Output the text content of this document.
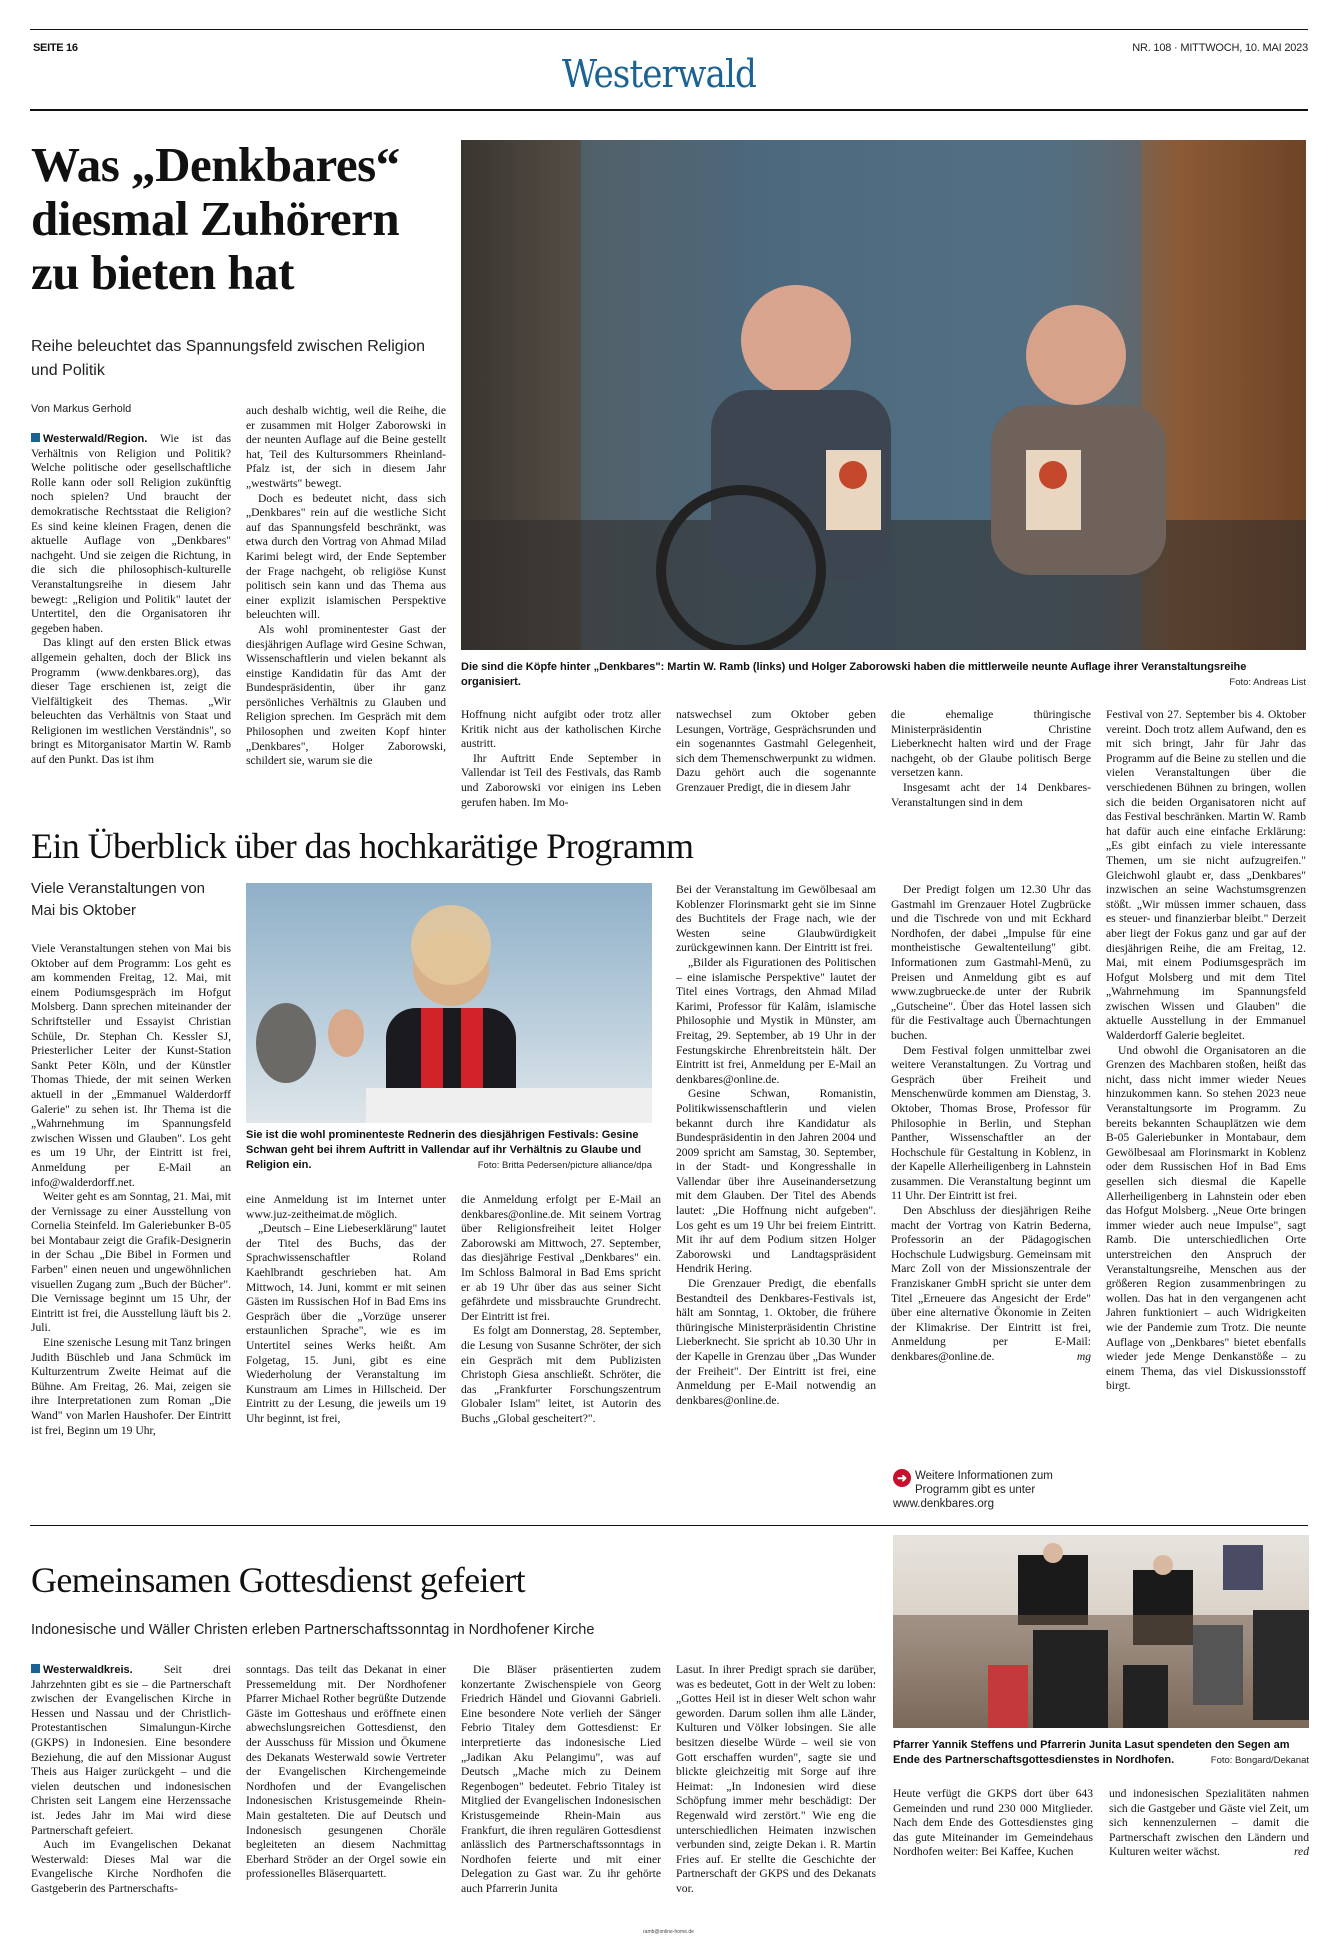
SEITE 16
Westerwald
NR. 108 · MITTWOCH, 10. MAI 2023
Was „Denkbares“
diesmal Zuhörern
zu bieten hat
Reihe beleuchtet das Spannungsfeld zwischen Religion und Politik
Von Markus Gerhold

Westerwald/Region. Wie ist das Verhältnis von Religion und Politik? Welche politische oder gesellschaftliche Rolle kann oder soll Religion zukünftig noch spielen? Und braucht der demokratische Rechtsstaat die Religion? Es sind keine kleinen Fragen, denen die aktuelle Auflage von „Denkbares" nachgeht. Und sie zeigen die Richtung, in die sich die philosophisch-kulturelle Veranstaltungsreihe in diesem Jahr bewegt: „Religion und Politik" lautet der Untertitel, den die Organisatoren ihr gegeben haben.

Das klingt auf den ersten Blick etwas allgemein gehalten, doch der Blick ins Programm (www.denkbares.org), das dieser Tage erschienen ist, zeigt die Vielfältigkeit des Themas. „Wir beleuchten das Verhältnis von Staat und Religionen im westlichen Verständnis", so bringt es Mitorganisator Martin W. Ramb auf den Punkt. Das ist ihm

auch deshalb wichtig, weil die Reihe, die er zusammen mit Holger Zaborowski in der neunten Auflage auf die Beine gestellt hat, Teil des Kultursommers Rheinland-Pfalz ist, der sich in diesem Jahr „westwärts" bewegt.

Doch es bedeutet nicht, dass sich „Denkbares" rein auf die westliche Sicht auf das Spannungsfeld beschränkt, was etwa durch den Vortrag von Ahmad Milad Karimi belegt wird, der Ende September der Frage nachgeht, ob religiöse Kunst politisch sein kann und das Thema aus einer explizit islamischen Perspektive beleuchten will.

Als wohl prominentester Gast der diesjährigen Auflage wird Gesine Schwan, Wissenschaftlerin und vielen bekannt als einstige Kandidatin für das Amt der Bundespräsidentin, über ihr ganz persönliches Verhältnis zu Glauben und Religion sprechen. Im Gespräch mit dem Philosophen und zweiten Kopf hinter „Denkbares", Holger Zaborowski, schildert sie, warum sie die

Die sind die Köpfe hinter „Denkbares": Martin W. Ramb (links) und Holger Zaborowski haben die mittlerweile neunte Auflage ihrer Veranstaltungsreihe organisiert.	Foto: Andreas List

Hoffnung nicht aufgibt oder trotz aller Kritik nicht aus der katholischen Kirche austritt.

Ihr Auftritt Ende September in Vallendar ist Teil des Festivals, das Ramb und Zaborowski vor einigen ins Leben gerufen haben. Im Mo-

natswechsel zum Oktober geben Lesungen, Vorträge, Gesprächsrunden und ein sogenanntes Gastmahl Gelegenheit, sich dem Themenschwerpunkt zu widmen. Dazu gehört auch die sogenannte Grenzauer Predigt, die in diesem Jahr

die ehemalige thüringische Ministerpräsidentin Christine Lieberknecht halten wird und der Frage nachgeht, ob der Glaube politisch Berge versetzen kann.

Insgesamt acht der 14 Denkbares-Veranstaltungen sind in dem

Festival von 27. September bis 4. Oktober vereint. Doch trotz allem Aufwand, den es mit sich bringt, Jahr für Jahr das Programm auf die Beine zu stellen und die vielen Veranstaltungen über die verschiedenen Bühnen zu bringen, wollen sich die beiden Organisatoren nicht auf das Festival beschränken. Martin W. Ramb hat dafür auch eine einfache Erklärung: „Es gibt einfach zu viele interessante Themen, um sie nicht aufzugreifen." Gleichwohl glaubt er, dass „Denkbares" inzwischen an seine Wachstumsgrenzen stößt. „Wir müssen immer schauen, dass es steuer- und finanzierbar bleibt." Derzeit aber liegt der Fokus ganz und gar auf der diesjährigen Reihe, die am Freitag, 12. Mai, mit einem Podiumsgespräch im Hofgut Molsberg und mit dem Titel „Wahrnehmung im Spannungsfeld zwischen Wissen und Glauben" die aktuelle Ausstellung in der Emmanuel Walderdorff Galerie begleitet.

Und obwohl die Organisatoren an die Grenzen des Machbaren stoßen, heißt das nicht, dass nicht immer wieder Neues hinzukommen kann. So stehen 2023 neue Veranstaltungsorte im Programm. Zu bereits bekannten Schauplätzen wie dem B-05 Galeriebunker in Montabaur, dem Gewölbesaal am Florinsmarkt in Koblenz oder dem Russischen Hof in Bad Ems gesellen sich diesmal die Kapelle Allerheiligenberg in Lahnstein oder eben das Hofgut Molsberg. „Neue Orte bringen immer wieder auch neue Impulse", sagt Ramb. Die unterschiedlichen Orte unterstreichen den Anspruch der Veranstaltungsreihe, Menschen aus der größeren Region zusammenbringen zu wollen. Das hat in den vergangenen acht Jahren funktioniert – auch Widrigkeiten wie der Pandemie zum Trotz. Die neunte Auflage von „Denkbares" bietet ebenfalls wieder jede Menge Denkanstöße – zu einem Thema, das viel Diskussionsstoff birgt.

Ein Überblick über das hochkarätige Programm
Viele Veranstaltungen von Mai bis Oktober

Viele Veranstaltungen stehen von Mai bis Oktober auf dem Programm: Los geht es am kommenden Freitag, 12. Mai, mit einem Podiumsgespräch im Hofgut Molsberg. Dann sprechen miteinander der Schriftsteller und Essayist Christian Schüle, Dr. Stephan Ch. Kessler SJ, Priesterlicher Leiter der Kunst-Station Sankt Peter Köln, und der Künstler Thomas Thiede, der mit seinen Werken aktuell in der „Emmanuel Walderdorff Galerie" zu sehen ist. Ihr Thema ist die „Wahrnehmung im Spannungsfeld zwischen Wissen und Glauben". Los geht es um 19 Uhr, der Eintritt ist frei, Anmeldung per E-Mail an info@walderdorff.net.

Weiter geht es am Sonntag, 21. Mai, mit der Vernissage zu einer Ausstellung von Cornelia Steinfeld. Im Galeriebunker B-05 bei Montabaur zeigt die Grafik-Designerin in der Schau „Die Bibel in Formen und Farben" einen neuen und ungewöhnlichen visuellen Zugang zum „Buch der Bücher". Die Vernissage beginnt um 15 Uhr, der Eintritt ist frei, die Ausstellung läuft bis 2. Juli.

Eine szenische Lesung mit Tanz bringen Judith Büschleb und Jana Schmück im Kulturzentrum Zweite Heimat auf die Bühne. Am Freitag, 26. Mai, zeigen sie ihre Interpretationen zum Roman „Die Wand" von Marlen Haushofer. Der Eintritt ist frei, Beginn um 19 Uhr,

Sie ist die wohl prominenteste Rednerin des diesjährigen Festivals: Gesine Schwan geht bei ihrem Auftritt in Vallendar auf ihr Verhältnis zu Glaube und Religion ein.	Foto: Britta Pedersen/picture alliance/dpa

eine Anmeldung ist im Internet unter www.juz-zeitheimat.de möglich.

„Deutsch – Eine Liebeserklärung" lautet der Titel des Buchs, das der Sprachwissenschaftler Roland Kaehlbrandt geschrieben hat. Am Mittwoch, 14. Juni, kommt er mit seinen Gästen im Russischen Hof in Bad Ems ins Gespräch über die „Vorzüge unserer erstaunlichen Sprache", wie es im Untertitel seines Werks heißt. Am Folgetag, 15. Juni, gibt es eine Wiederholung der Veranstaltung im Kunstraum am Limes in Hillscheid. Der Eintritt zu der Lesung, die jeweils um 19 Uhr beginnt, ist frei,

die Anmeldung erfolgt per E-Mail an denkbares@online.de. Mit seinem Vortrag über Religionsfreiheit leitet Holger Zaborowski am Mittwoch, 27. September, das diesjährige Festival „Denkbares" ein. Im Schloss Balmoral in Bad Ems spricht er ab 19 Uhr über das aus seiner Sicht gefährdete und missbrauchte Grundrecht. Der Eintritt ist frei.

Es folgt am Donnerstag, 28. September, die Lesung von Susanne Schröter, der sich ein Gespräch mit dem Publizisten Christoph Giesa anschließt. Schröter, die das „Frankfurter Forschungszentrum Globaler Islam" leitet, ist Autorin des Buchs „Global gescheitert?".

Bei der Veranstaltung im Gewölbesaal am Koblenzer Florinsmarkt geht sie im Sinne des Buchtitels der Frage nach, wie der Westen seine Glaubwürdigkeit zurückgewinnen kann. Der Eintritt ist frei.

„Bilder als Figurationen des Politischen – eine islamische Perspektive" lautet der Titel eines Vortrags, den Ahmad Milad Karimi, Professor für Kalâm, islamische Philosophie und Mystik in Münster, am Freitag, 29. September, ab 19 Uhr in der Festungskirche Ehrenbreitstein hält. Der Eintritt ist frei, Anmeldung per E-Mail an denkbares@online.de.

Gesine Schwan, Romanistin, Politikwissenschaftlerin und vielen bekannt durch ihre Kandidatur als Bundespräsidentin in den Jahren 2004 und 2009 spricht am Samstag, 30. September, in der Stadt- und Kongresshalle in Vallendar über ihre Auseinandersetzung mit dem Glauben. Der Titel des Abends lautet: „Die Hoffnung nicht aufgeben". Los geht es um 19 Uhr bei freiem Eintritt. Mit ihr auf dem Podium sitzen Holger Zaborowski und Landtagspräsident Hendrik Hering.

Die Grenzauer Predigt, die ebenfalls Bestandteil des Denkbares-Festivals ist, hält am Sonntag, 1. Oktober, die frühere thüringische Ministerpräsidentin Christine Lieberknecht. Sie spricht ab 10.30 Uhr in der Kapelle in Grenzau über „Das Wunder der Freiheit". Der Eintritt ist frei, eine Anmeldung per E-Mail notwendig an denkbares@online.de.

Der Predigt folgen um 12.30 Uhr das Gastmahl im Grenzauer Hotel Zugbrücke und die Tischrede von und mit Eckhard Nordhofen, der dabei „Impulse für eine montheistische Gewaltenteilung" gibt. Informationen zum Gastmahl-Menü, zu Preisen und Anmeldung gibt es auf www.zugbruecke.de unter der Rubrik „Gutscheine". Über das Hotel lassen sich für die Festivaltage auch Übernachtungen buchen.

Dem Festival folgen unmittelbar zwei weitere Veranstaltungen. Zu Vortrag und Gespräch über Freiheit und Menschenwürde kommen am Dienstag, 3. Oktober, Thomas Brose, Professor für Philosophie in Berlin, und Stephan Panther, Wissenschaftler an der Hochschule für Gestaltung in Koblenz, in der Kapelle Allerheiligenberg in Lahnstein zusammen. Die Veranstaltung beginnt um 11 Uhr. Der Eintritt ist frei.

Den Abschluss der diesjährigen Reihe macht der Vortrag von Katrin Bederna, Professorin an der Pädagogischen Hochschule Ludwigsburg. Gemeinsam mit Marc Zoll von der Missionszentrale der Franziskaner GmbH spricht sie unter dem Titel „Erneuere das Angesicht der Erde" über eine alternative Ökonomie in Zeiten der Klimakrise. Der Eintritt ist frei, Anmeldung per E-Mail: denkbares@online.de.	mg

➜ Weitere Informationen zum Programm gibt es unter
www.denkbares.org
Gemeinsamen Gottesdienst gefeiert
Indonesische und Wäller Christen erleben Partnerschaftssonntag in Nordhofener Kirche

Westerwaldkreis. Seit drei Jahrzehnten gibt es sie – die Partnerschaft zwischen der Evangelischen Kirche in Hessen und Nassau und der Christlich-Protestantischen Simalungun-Kirche (GKPS) in Indonesien. Eine besondere Beziehung, die auf den Missionar August Theis aus Haiger zurückgeht – und die vielen deutschen und indonesischen Christen seit Langem eine Herzenssache ist. Jedes Jahr im Mai wird diese Partnerschaft gefeiert.

Auch im Evangelischen Dekanat Westerwald: Dieses Mal war die Evangelische Kirche Nordhofen die Gastgeberin des Partnerschafts-

sonntags. Das teilt das Dekanat in einer Pressemeldung mit. Der Nordhofener Pfarrer Michael Rother begrüßte Dutzende Gäste im Gotteshaus und eröffnete einen abwechslungsreichen Gottesdienst, den der Ausschuss für Mission und Ökumene des Dekanats Westerwald sowie Vertreter der Evangelischen Kirchengemeinde Nordhofen und der Evangelischen Indonesischen Kristusgemeinde Rhein-Main gestalteten. Die auf Deutsch und Indonesisch gesungenen Choräle begleiteten an diesem Nachmittag Eberhard Ströder an der Orgel sowie ein professionelles Bläserquartett.

Die Bläser präsentierten zudem konzertante Zwischenspiele von Georg Friedrich Händel und Giovanni Gabrieli. Eine besondere Note verlieh der Sänger Febrio Titaley dem Gottesdienst: Er interpretierte das indonesische Lied „Jadikan Aku Pelangimu", was auf Deutsch „Mache mich zu Deinem Regenbogen" bedeutet. Febrio Titaley ist Mitglied der Evangelischen Indonesischen Kristusgemeinde Rhein-Main aus Frankfurt, die ihren regulären Gottesdienst anlässlich des Partnerschaftssonntags in Nordhofen feierte und mit einer Delegation zu Gast war. Zu ihr gehörte auch Pfarrerin Junita

Lasut. In ihrer Predigt sprach sie darüber, was es bedeutet, Gott in der Welt zu loben: „Gottes Heil ist in dieser Welt schon wahr geworden. Darum sollen ihm alle Länder, Kulturen und Völker lobsingen. Sie alle besitzen dieselbe Würde – weil sie von Gott erschaffen wurden", sagte sie und blickte gleichzeitig mit Sorge auf ihre Heimat: „In Indonesien wird diese Schöpfung immer mehr beschädigt: Der Regenwald wird zerstört." Wie eng die unterschiedlichen Heimaten inzwischen verbunden sind, zeigte Dekan i. R. Martin Fries auf. Er stellte die Geschichte der Partnerschaft der GKPS und des Dekanats vor.

Pfarrer Yannik Steffens und Pfarrerin Junita Lasut spendeten den Segen am Ende des Partnerschaftsgottesdienstes in Nordhofen.	Foto: Bongard/Dekanat

Heute verfügt die GKPS dort über 643 Gemeinden und rund 230 000 Mitglieder. Nach dem Ende des Gottesdienstes ging das gute Miteinander im Gemeindehaus Nordhofen weiter: Bei Kaffee, Kuchen

und indonesischen Spezialitäten nahmen sich die Gastgeber und Gäste viel Zeit, um sich kennenzulernen – damit die Partnerschaft zwischen den Ländern und Kulturen weiter wächst.	red

ramb@online-home.de
